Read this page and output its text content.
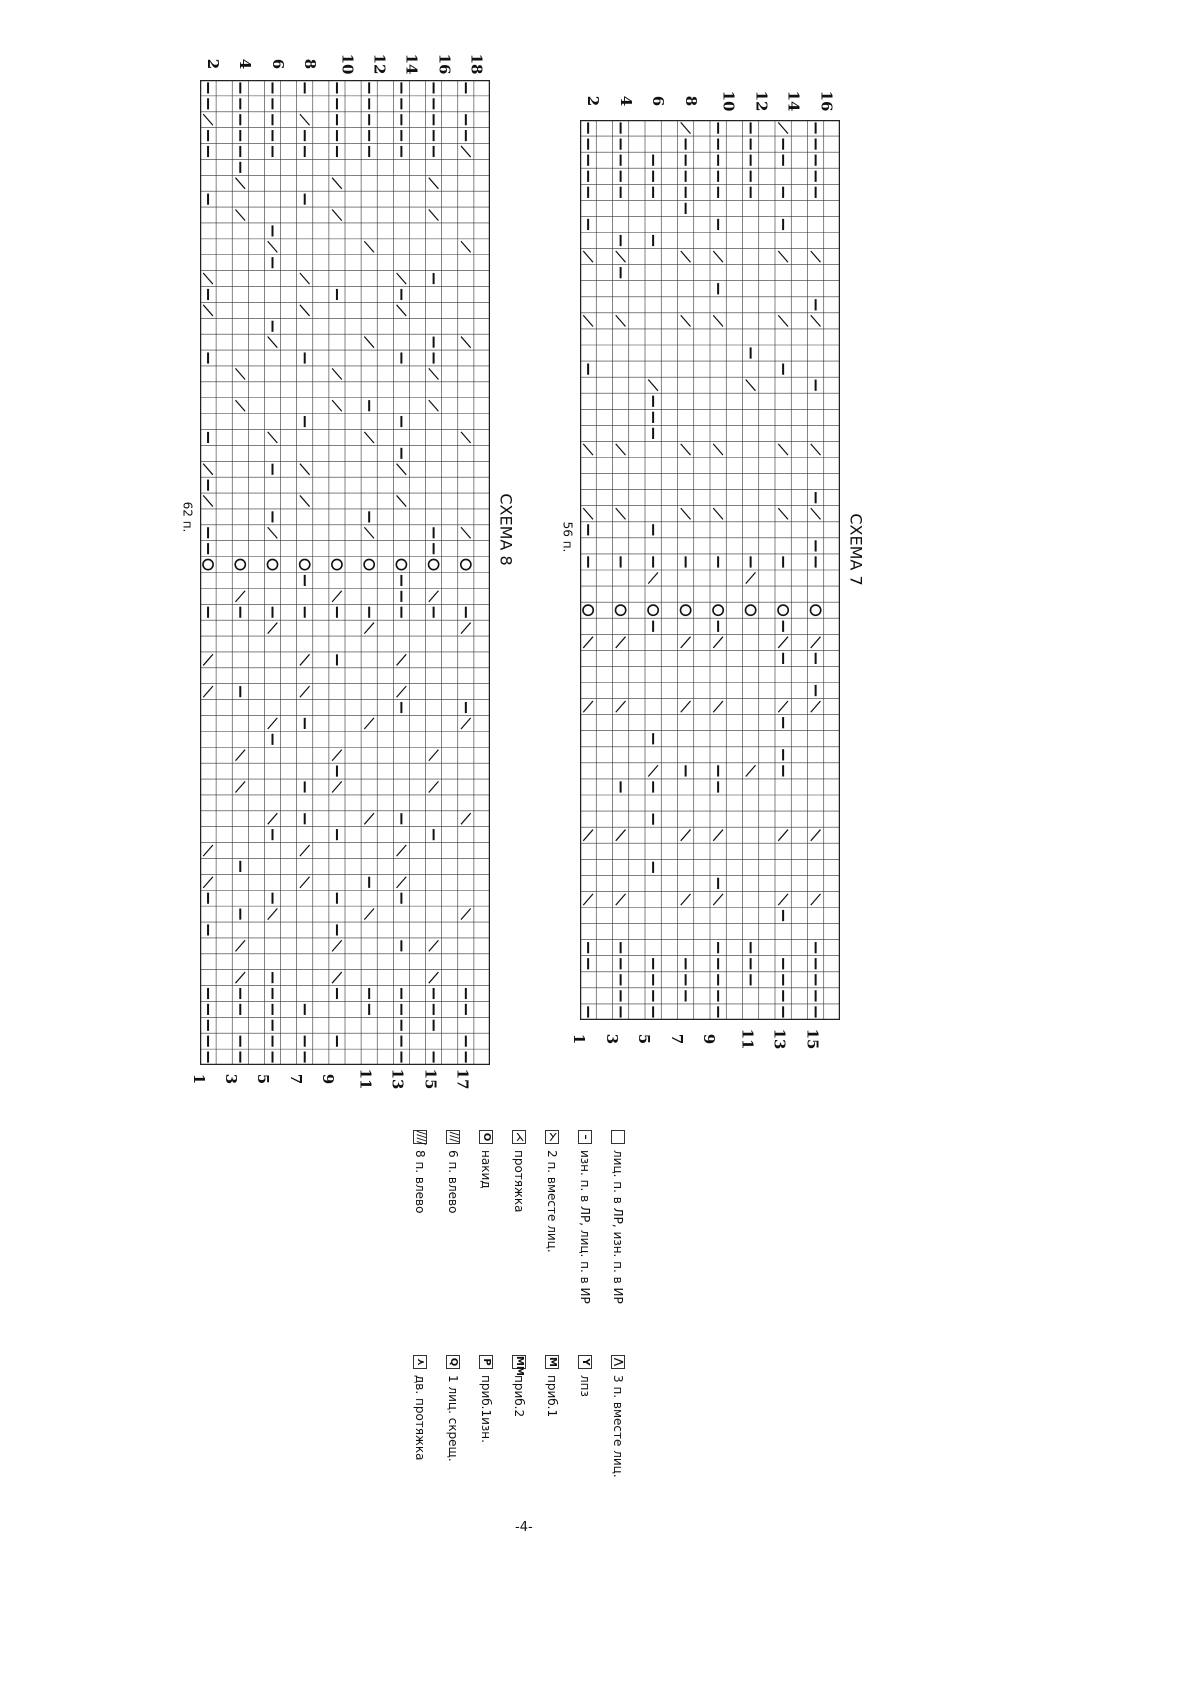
СХЕМА 7
56 п.
16
14
12
10
8
6
4
2
15
13
11
9
7
5
3
1
СХЕМА 8
62 п.
18
16
14
12
10
8
6
4
2
17
15
13
11
9
7
5
3
1
лиц. п. в ЛР, изн. п. в ИР
–
изн. п. в ЛР, лиц. п. в ИР
⋋
2 п. вместе лиц.
⋌
протяжка
O
накид
⧸⧸⧸
6 п. влево
⧸⧸⧸⧸
8 п. влево
⋀
3 п. вместе лиц.
Y
лпз
M
приб.1
MM
приб.2
P
приб.1изн.
Q
1 лиц. скрещ.
⋏
дв. протяжка
-4-
